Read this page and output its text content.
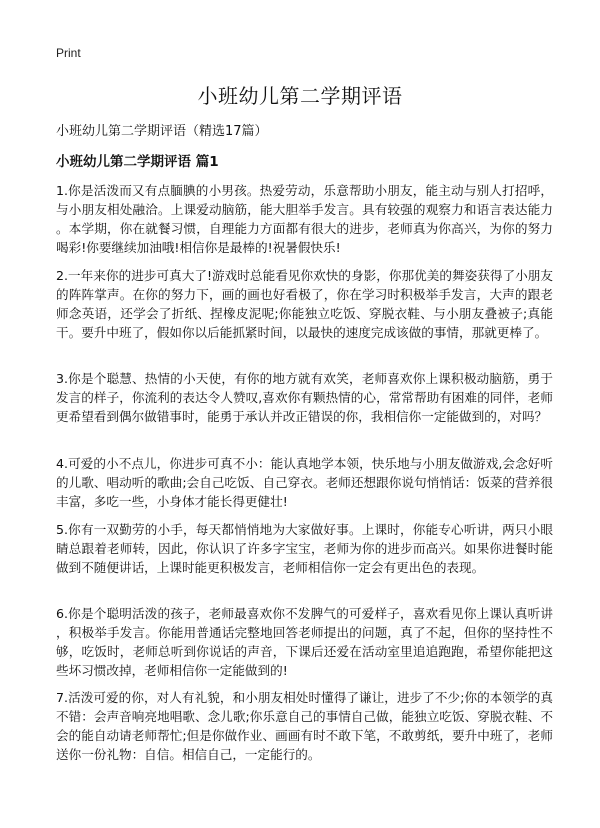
Print
小班幼儿第二学期评语

小班幼儿第二学期评语（精选17篇）

小班幼儿第二学期评语 篇1

1.你是活泼而又有点腼腆的小男孩。热爱劳动，乐意帮助小朋友，能主动与别人打招呼，与小朋友相处融洽。上课爱动脑筋，能大胆举手发言。具有较强的观察力和语言表达能力。本学期，你在就餐习惯，自理能力方面都有很大的进步，老师真为你高兴，为你的努力喝彩!你要继续加油哦!相信你是最棒的!祝暑假快乐!

2.一年来你的进步可真大了!游戏时总能看见你欢快的身影，你那优美的舞姿获得了小朋友的阵阵掌声。在你的努力下，画的画也好看极了，你在学习时积极举手发言，大声的跟老师念英语，还学会了折纸、捏橡皮泥呢;你能独立吃饭、穿脱衣鞋、与小朋友叠被子;真能干。要升中班了，假如你以后能抓紧时间，以最快的速度完成该做的事情，那就更棒了。

3.你是个聪慧、热情的小天使，有你的地方就有欢笑，老师喜欢你上课积极动脑筋，勇于发言的样子，你流利的表达令人赞叹,喜欢你有颗热情的心，常常帮助有困难的同伴，老师更希望看到偶尔做错事时，能勇于承认并改正错误的你，我相信你一定能做到的，对吗？

4.可爱的小不点儿，你进步可真不小：能认真地学本领，快乐地与小朋友做游戏,会念好听的儿歌、唱动听的歌曲;会自己吃饭、自己穿衣。老师还想跟你说句悄悄话：饭菜的营养很丰富，多吃一些，小身体才能长得更健壮!

5.你有一双勤劳的小手，每天都悄悄地为大家做好事。上课时，你能专心听讲，两只小眼睛总跟着老师转，因此，你认识了许多字宝宝，老师为你的进步而高兴。如果你进餐时能做到不随便讲话，上课时能更积极发言，老师相信你一定会有更出色的表现。

6.你是个聪明活泼的孩子，老师最喜欢你不发脾气的可爱样子，喜欢看见你上课认真听讲，积极举手发言。你能用普通话完整地回答老师提出的问题，真了不起，但你的坚持性不够，吃饭时，老师总听到你说话的声音，下课后还爱在活动室里追追跑跑，希望你能把这些坏习惯改掉，老师相信你一定能做到的!

7.活泼可爱的你，对人有礼貌，和小朋友相处时懂得了谦让，进步了不少;你的本领学的真不错：会声音响亮地唱歌、念儿歌;你乐意自己的事情自己做，能独立吃饭、穿脱衣鞋、不会的能自动请老师帮忙;但是你做作业、画画有时不敢下笔，不敢剪纸，要升中班了，老师送你一份礼物：自信。相信自己，一定能行的。
